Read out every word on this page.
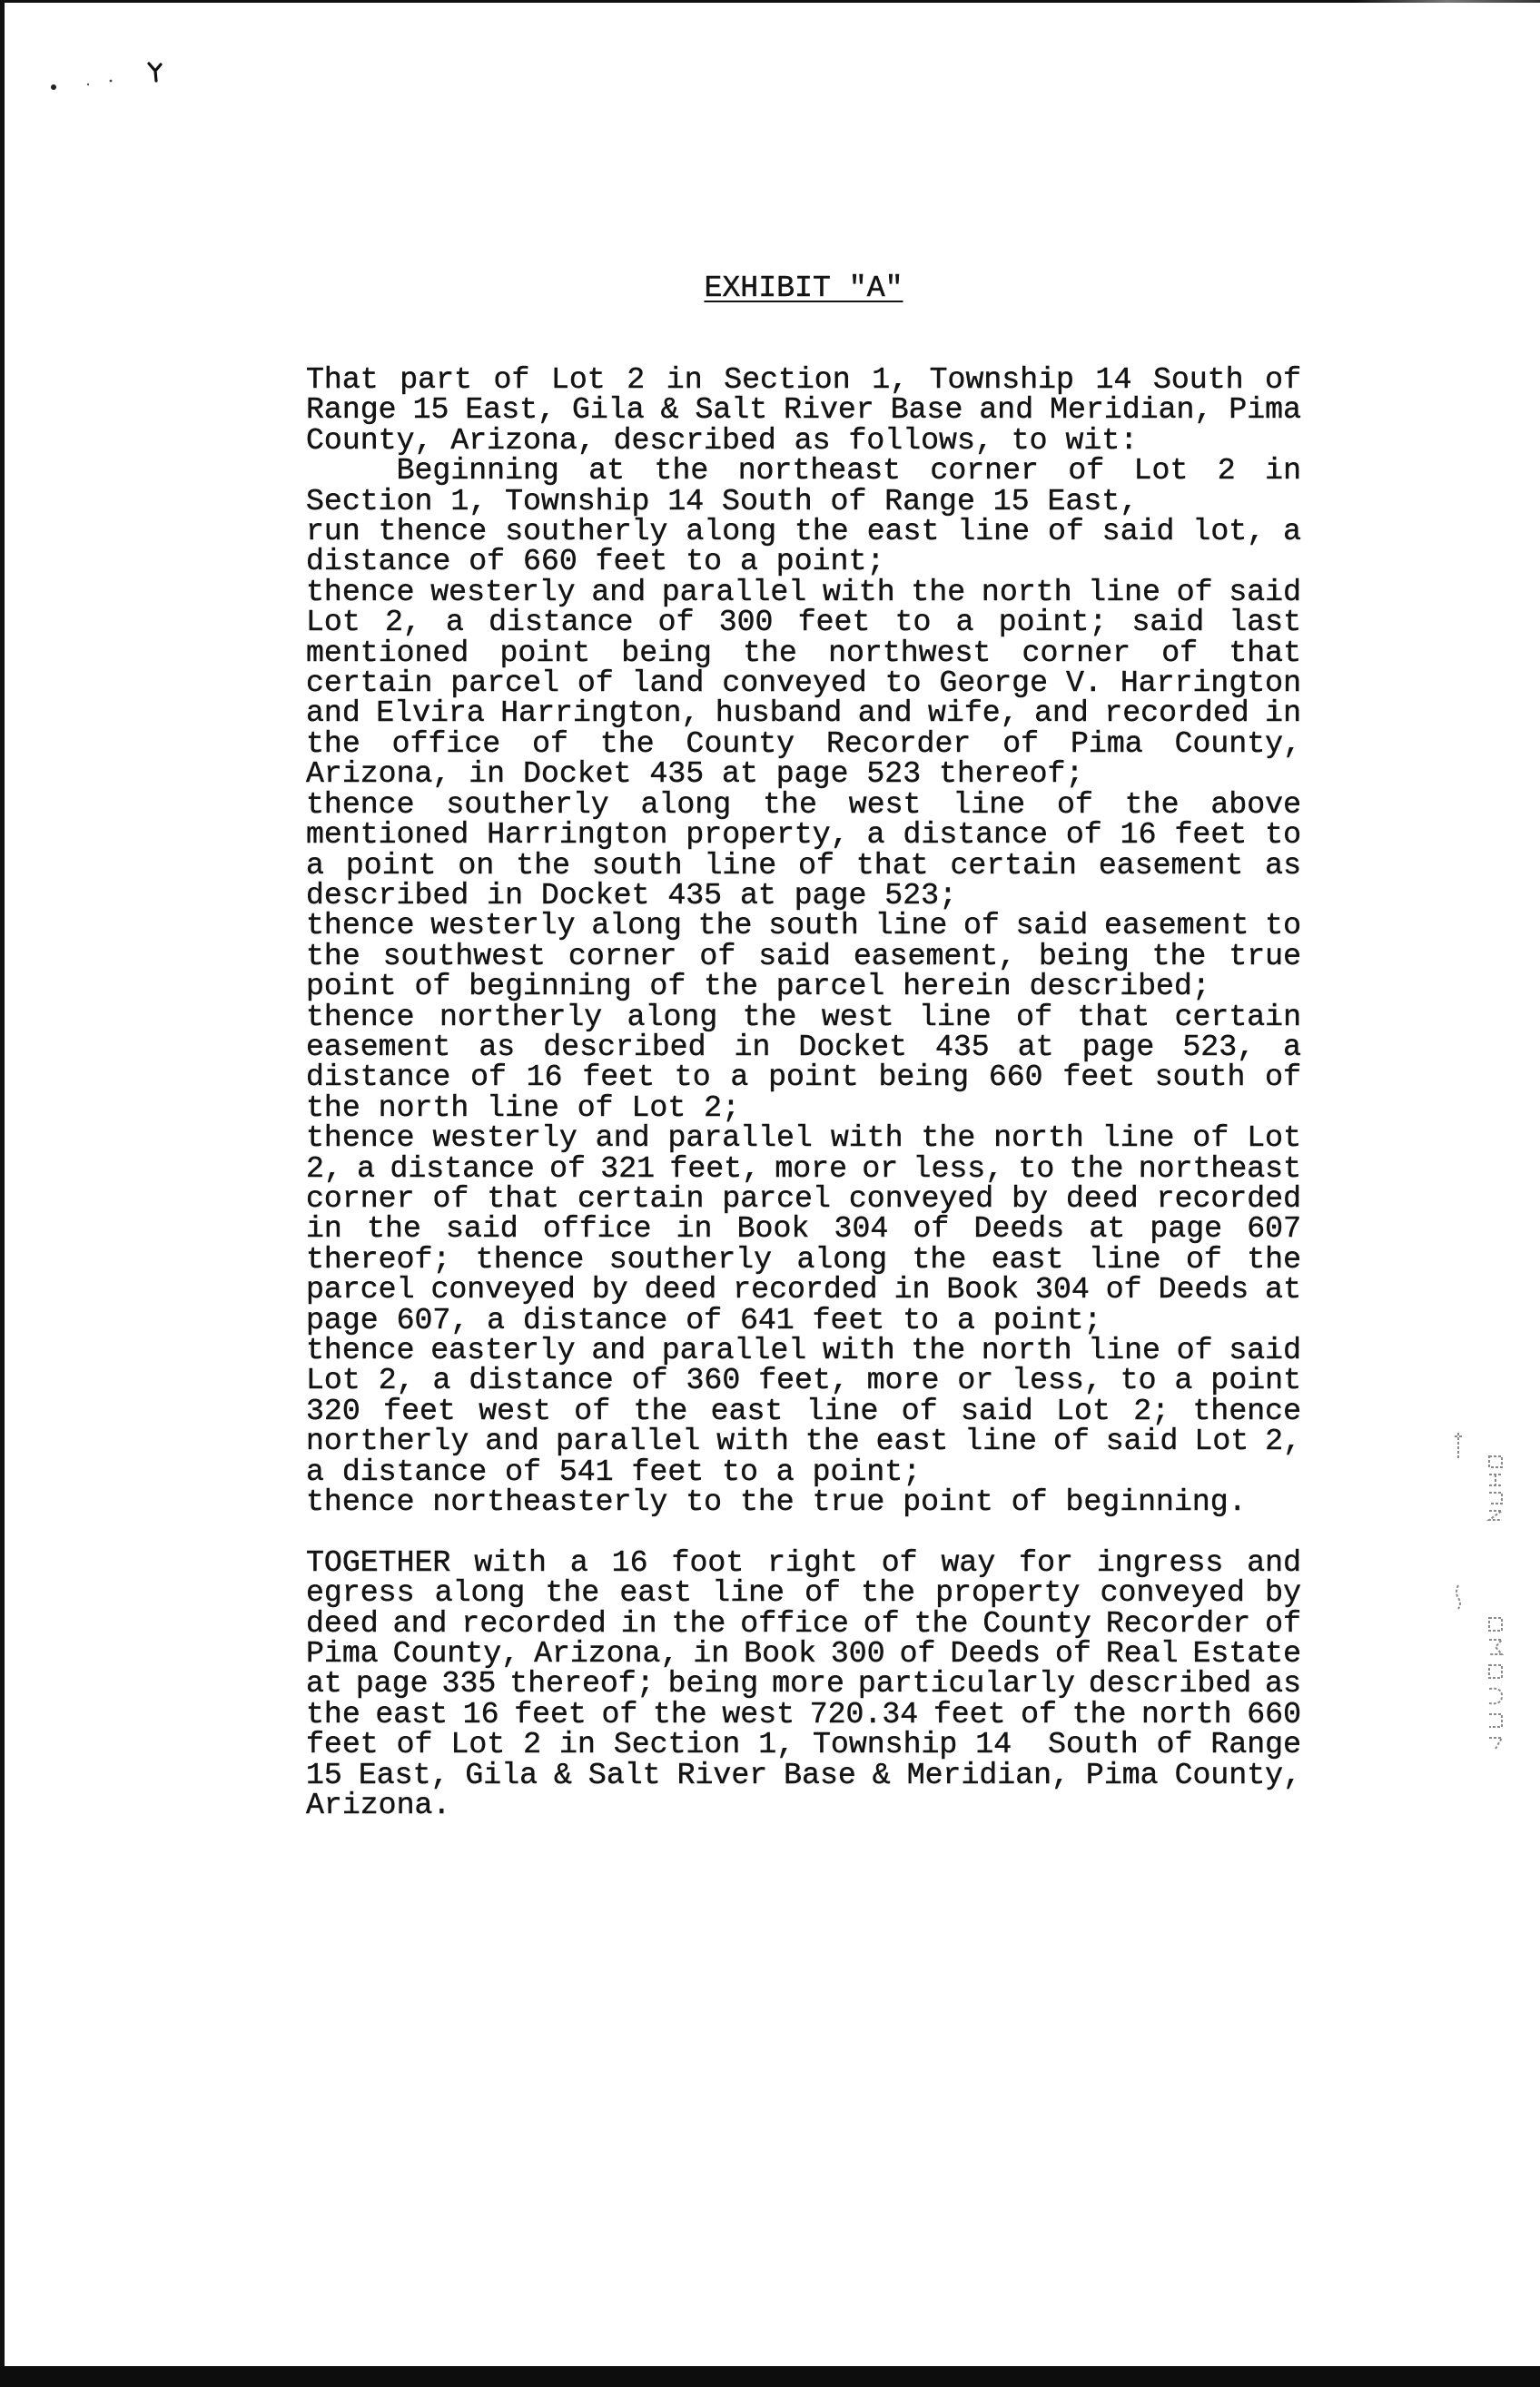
EXHIBIT "A"
That part of Lot 2 in Section 1, Township 14 South of
Range 15 East, Gila & Salt River Base and Meridian, Pima
County, Arizona, described as follows, to wit:
Beginning at the northeast corner of Lot 2 in
Section 1, Township 14 South of Range 15 East,
run thence southerly along the east line of said lot, a
distance of 660 feet to a point;
thence westerly and parallel with the north line of said
Lot 2, a distance of 300 feet to a point; said last
mentioned point being the northwest corner of that
certain parcel of land conveyed to George V. Harrington
and Elvira Harrington, husband and wife, and recorded in
the office of the County Recorder of Pima County,
Arizona, in Docket 435 at page 523 thereof;
thence southerly along the west line of the above
mentioned Harrington property, a distance of 16 feet to
a point on the south line of that certain easement as
described in Docket 435 at page 523;
thence westerly along the south line of said easement to
the southwest corner of said easement, being the true
point of beginning of the parcel herein described;
thence northerly along the west line of that certain
easement as described in Docket 435 at page 523, a
distance of 16 feet to a point being 660 feet south of
the north line of Lot 2;
thence westerly and parallel with the north line of Lot
2, a distance of 321 feet, more or less, to the northeast
corner of that certain parcel conveyed by deed recorded
in the said office in Book 304 of Deeds at page 607
thereof; thence southerly along the east line of the
parcel conveyed by deed recorded in Book 304 of Deeds at
page 607, a distance of 641 feet to a point;
thence easterly and parallel with the north line of said
Lot 2, a distance of 360 feet, more or less, to a point
320 feet west of the east line of said Lot 2; thence
northerly and parallel with the east line of said Lot 2,
a distance of 541 feet to a point;
thence northeasterly to the true point of beginning.
TOGETHER with a 16 foot right of way for ingress and
egress along the east line of the property conveyed by
deed and recorded in the office of the County Recorder of
Pima County, Arizona, in Book 300 of Deeds of Real Estate
at page 335 thereof; being more particularly described as
the east 16 feet of the west 720.34 feet of the north 660
feet of Lot 2 in Section 1, Township 14  South of Range
15 East, Gila & Salt River Base & Meridian, Pima County,
Arizona.
